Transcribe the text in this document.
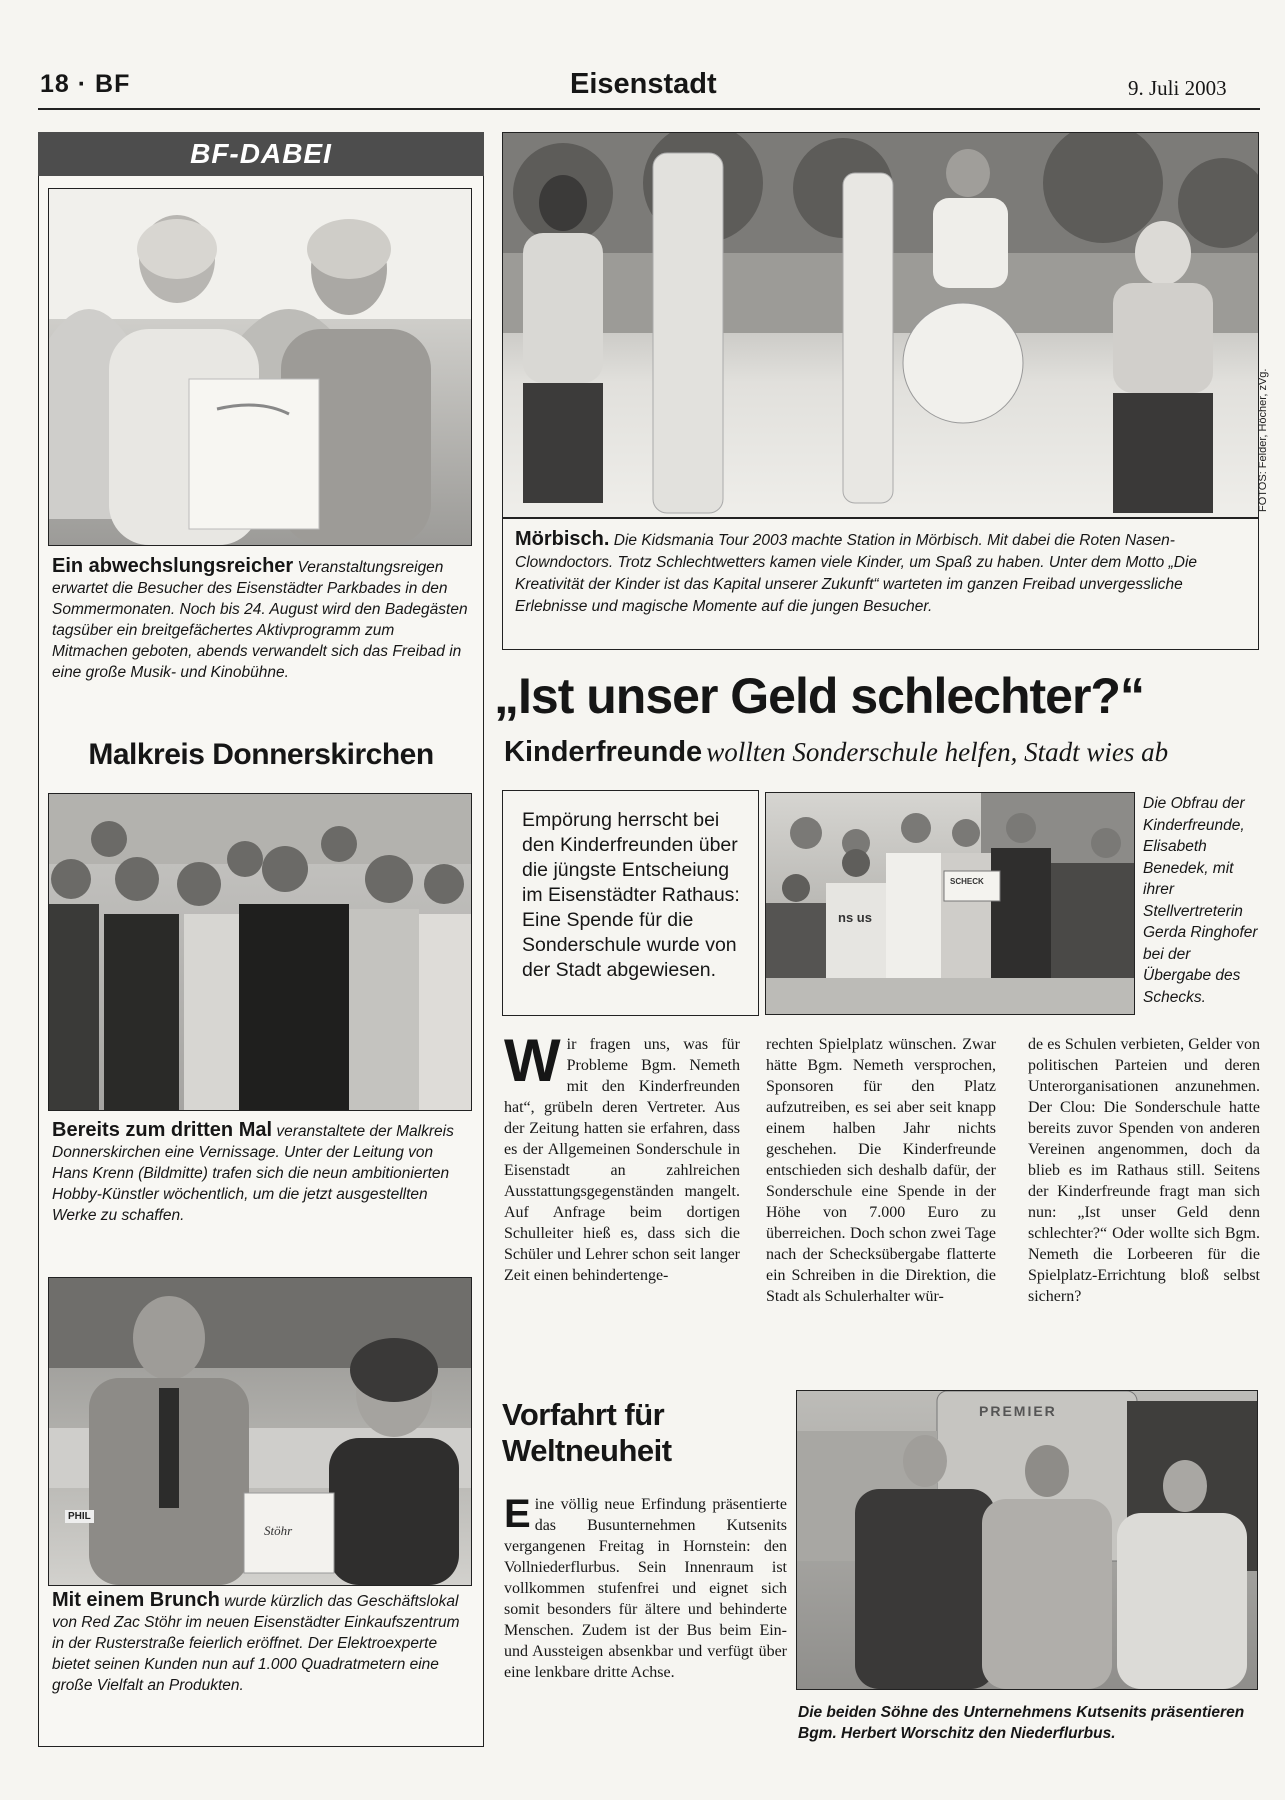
18 · BF	Eisenstadt	9. Juli 2003
BF-DABEI
Ein abwechslungsreicher Veranstaltungsreigen erwartet die Besucher des Eisenstädter Parkbades in den Sommermonaten. Noch bis 24. August wird den Badegästen tagsüber ein breitgefächertes Aktivprogramm zum Mitmachen geboten, abends verwandelt sich das Freibad in eine große Musik- und Kinobühne.
Malkreis Donnerskirchen
Bereits zum dritten Mal veranstaltete der Malkreis Donnerskirchen eine Vernissage. Unter der Leitung von Hans Krenn (Bildmitte) trafen sich die neun ambitionierten Hobby-Künstler wöchentlich, um die jetzt ausgestellten Werke zu schaffen.
PHIL
Stöhr
Mit einem Brunch wurde kürzlich das Geschäftslokal von Red Zac Stöhr im neuen Eisenstädter Einkaufszentrum in der Rusterstraße feierlich eröffnet. Der Elektroexperte bietet seinen Kunden nun auf 1.000 Quadratmetern eine große Vielfalt an Produkten.
FOTOS: Felder, Höcher, zVg.
Mörbisch. Die Kidsmania Tour 2003 machte Station in Mörbisch. Mit dabei die Roten Nasen-Clowndoctors. Trotz Schlechtwetters kamen viele Kinder, um Spaß zu haben. Unter dem Motto „Die Kreativität der Kinder ist das Kapital unserer Zukunft“ warteten im ganzen Freibad unvergessliche Erlebnisse und magische Momente auf die jungen Besucher.
„Ist unser Geld schlechter?“
Kinderfreunde wollten Sonderschule helfen, Stadt wies ab
Empörung herrscht bei den Kinderfreunden über die jüngste Entscheiung im Eisenstädter Rathaus: Eine Spende für die Sonderschule wurde von der Stadt abgewiesen.
SCHECK
ns us
Die Obfrau der Kinderfreunde, Elisabeth Benedek, mit ihrer Stellvertreterin Gerda Ringhofer bei der Übergabe des Schecks.
Wir fragen uns, was für Probleme Bgm. Nemeth mit den Kinderfreunden hat“, grübeln deren Vertreter. Aus der Zeitung hatten sie erfahren, dass es der Allgemeinen Sonderschule in Eisenstadt an zahlreichen Ausstattungsgegenständen mangelt. Auf Anfrage beim dortigen Schulleiter hieß es, dass sich die Schüler und Lehrer schon seit langer Zeit einen behindertenge-
rechten Spielplatz wünschen. Zwar hätte Bgm. Nemeth versprochen, Sponsoren für den Platz aufzutreiben, es sei aber seit knapp einem halben Jahr nichts geschehen. Die Kinderfreunde entschieden sich deshalb dafür, der Sonderschule eine Spende in der Höhe von 7.000 Euro zu überreichen. Doch schon zwei Tage nach der Schecksübergabe flatterte ein Schreiben in die Direktion, die Stadt als Schulerhalter wür-
de es Schulen verbieten, Gelder von politischen Parteien und deren Unterorganisationen anzunehmen. Der Clou: Die Sonderschule hatte bereits zuvor Spenden von anderen Vereinen angenommen, doch da blieb es im Rathaus still. Seitens der Kinderfreunde fragt man sich nun: „Ist unser Geld denn schlechter?“ Oder wollte sich Bgm. Nemeth die Lorbeeren für die Spielplatz-Errichtung bloß selbst sichern?
Vorfahrt für Weltneuheit
Eine völlig neue Erfindung präsentierte das Busunternehmen Kutsenits vergangenen Freitag in Hornstein: den Vollniederflurbus. Sein Innenraum ist vollkommen stufenfrei und eignet sich somit besonders für ältere und behinderte Menschen. Zudem ist der Bus beim Ein- und Aussteigen absenkbar und verfügt über eine lenkbare dritte Achse.
PREMIER
Die beiden Söhne des Unternehmens Kutsenits präsentieren Bgm. Herbert Worschitz den Niederflurbus.
